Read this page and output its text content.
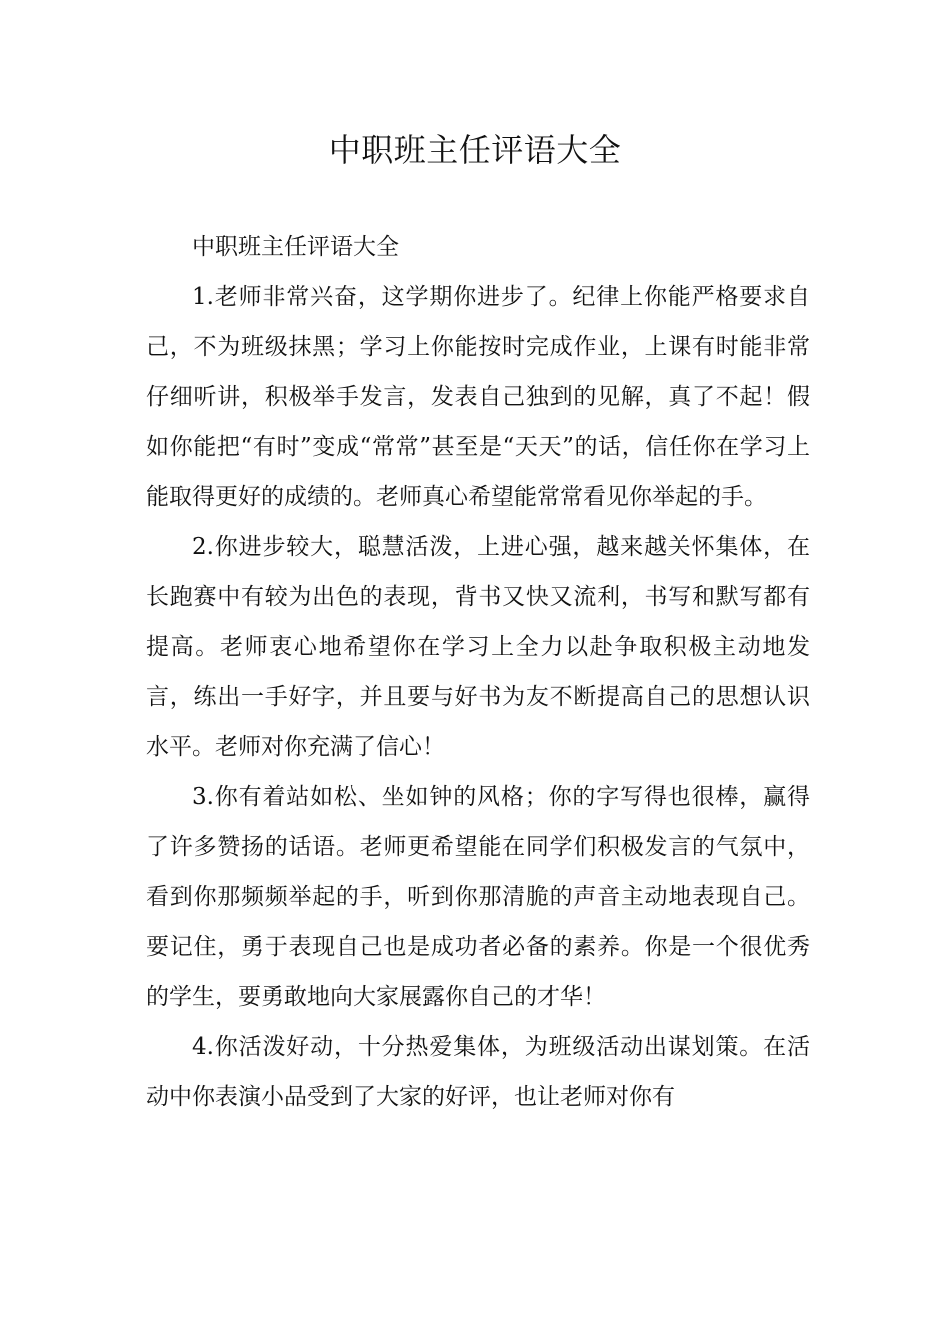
中职班主任评语大全

中职班主任评语大全

1.老师非常兴奋，这学期你进步了。纪律上你能严格要求自己，不为班级抹黑；学习上你能按时完成作业，上课有时能非常仔细听讲，积极举手发言，发表自己独到的见解，真了不起！假如你能把“有时”变成“常常”甚至是“天天”的话，信任你在学习上能取得更好的成绩的。老师真心希望能常常看见你举起的手。

2.你进步较大，聪慧活泼，上进心强，越来越关怀集体，在长跑赛中有较为出色的表现，背书又快又流利，书写和默写都有提高。老师衷心地希望你在学习上全力以赴争取积极主动地发言，练出一手好字，并且要与好书为友不断提高自己的思想认识水平。老师对你充满了信心！

3.你有着站如松、坐如钟的风格；你的字写得也很棒，赢得了许多赞扬的话语。老师更希望能在同学们积极发言的气氛中，看到你那频频举起的手，听到你那清脆的声音主动地表现自己。要记住，勇于表现自己也是成功者必备的素养。你是一个很优秀的学生，要勇敢地向大家展露你自己的才华！

4.你活泼好动，十分热爱集体，为班级活动出谋划策。在活动中你表演小品受到了大家的好评，也让老师对你有
